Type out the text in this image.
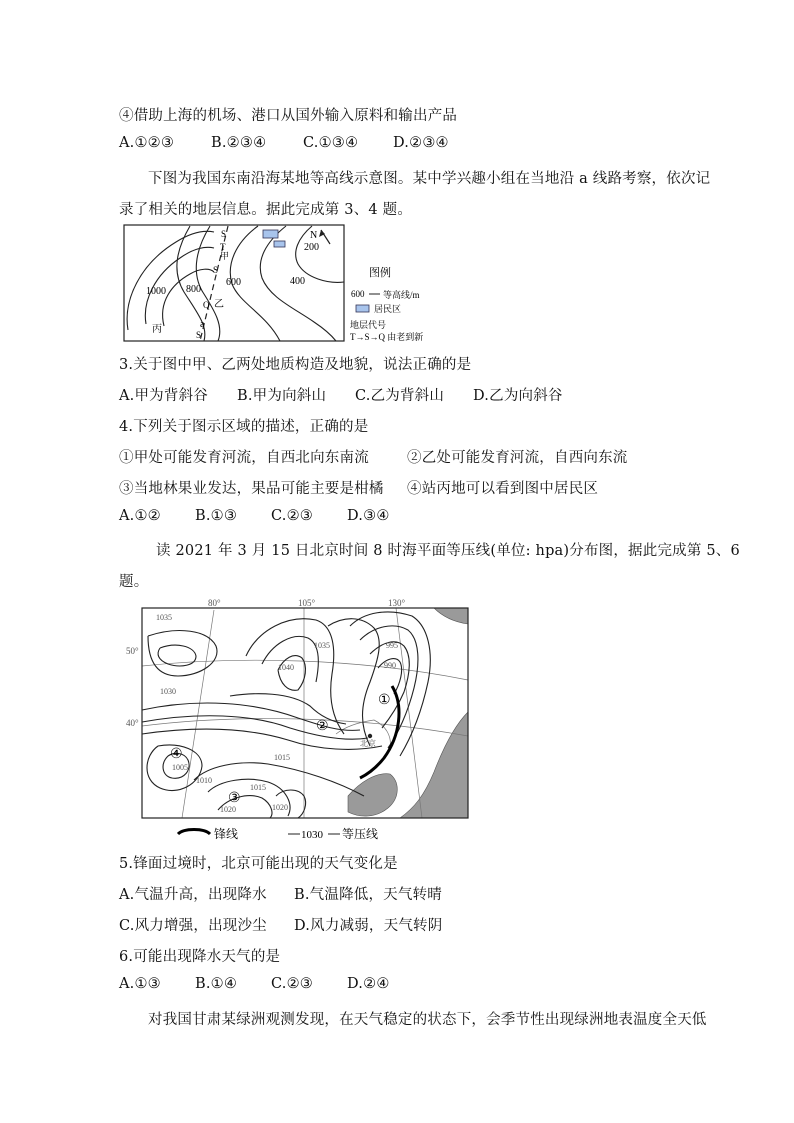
④借助上海的机场、港口从国外输入原料和输出产品
A.①②③	B.②③④	C.①③④ D.②③④
下图为我国东南沿海某地等高线示意图。某中学兴趣小组在当地沿 a 线路考察，依次记
录了相关的地层信息。据此完成第 3、4 题。
N
200
400
600
800
1000
S
T
甲
S
Q 乙
a
S
丙
图例
600 等高线/m
居民区
地层代号
T→S→Q 由老到新
3.关于图中甲、乙两处地质构造及地貌，说法正确的是
A.甲为背斜谷 B.甲为向斜山 C.乙为背斜山 D.乙为向斜谷
4.下列关于图示区域的描述，正确的是
①甲处可能发育河流，自西北向东南流	②乙处可能发育河流，自西向东流
③当地林果业发达，果品可能主要是柑橘 ④站丙地可以看到图中居民区
A.①② B.①③ C.②③ D.③④
读 2021 年 3 月 15 日北京时间 8 时海平面等压线(单位: hpa)分布图，据此完成第 5、6
题。
北京
①
②
③
④
80°	105°	130°
50°
40°
1035
1030
1040
1035	995
990
1005
1010
1015
1015
1020	1020
锋线	1030 等压线
5.锋面过境时，北京可能出现的天气变化是
A.气温升高，出现降水 B.气温降低，天气转晴
C.风力增强，出现沙尘 D.风力减弱，天气转阴
6.可能出现降水天气的是
A.①③ B.①④ C.②③ D.②④
对我国甘肃某绿洲观测发现，在天气稳定的状态下，会季节性出现绿洲地表温度全天低
